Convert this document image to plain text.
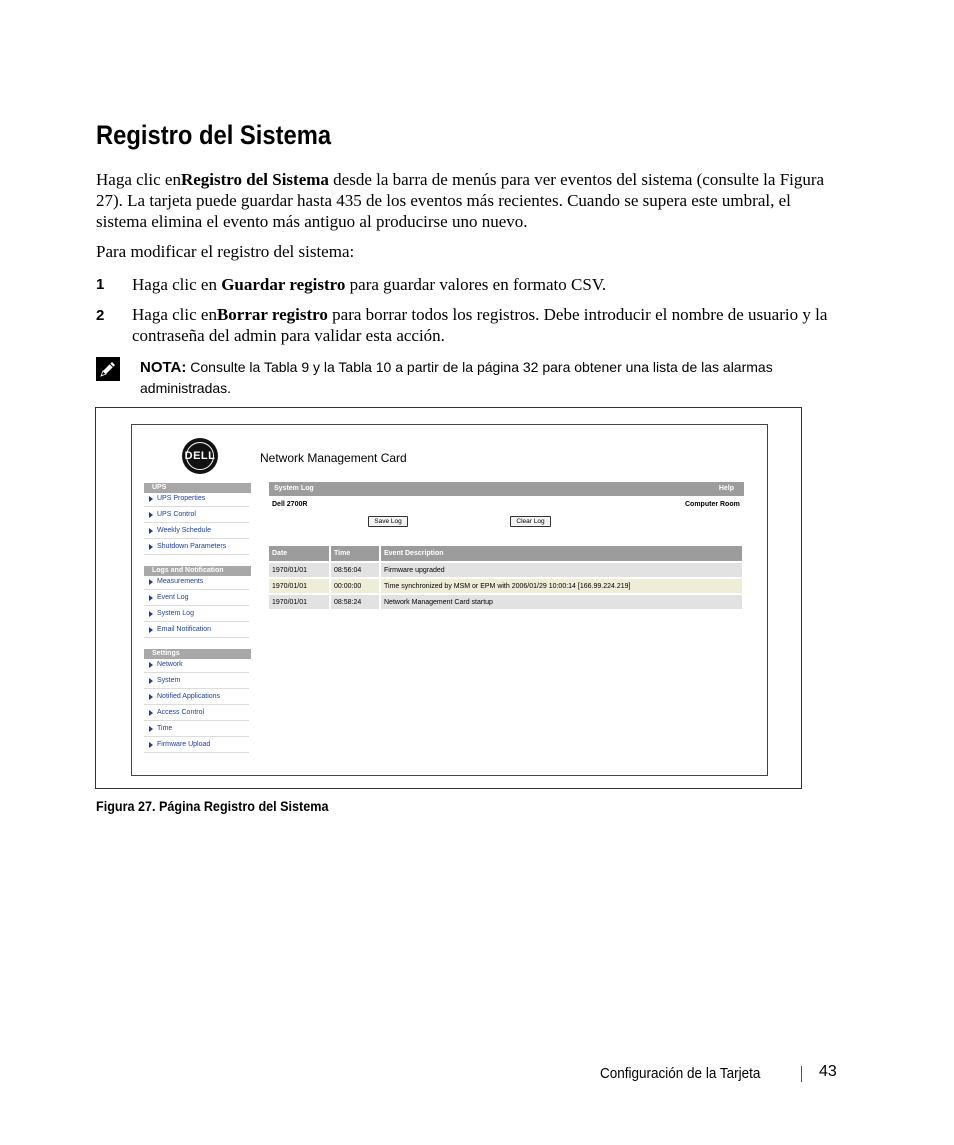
Registro del Sistema
Haga clic enRegistro del Sistema desde la barra de menús para ver eventos del sistema (consulte la Figura 27). La tarjeta puede guardar hasta 435 de los eventos más recientes. Cuando se supera este umbral, el sistema elimina el evento más antiguo al producirse uno nuevo.
Para modificar el registro del sistema:
1 Haga clic en Guardar registro para guardar valores en formato CSV.
2 Haga clic enBorrar registro para borrar todos los registros. Debe introducir el nombre de usuario y la contraseña del admin para validar esta acción.
NOTA: Consulte la Tabla 9 y la Tabla 10 a partir de la página 32 para obtener una lista de las alarmas administradas.
DELL	Network Management Card
UPS
UPS Properties
UPS Control
Weekly Schedule
Shutdown Parameters
Logs and Notification
Measurements
Event Log
System Log
Email Notification
Settings
Network
System
Notified Applications
Access Control
Time
Firmware Upload
System Log	Help
Dell 2700R	Computer Room
Save Log	Clear Log
Date	Time	Event Description
1970/01/01	08:56:04	Firmware upgraded
1970/01/01	00:00:00	Time synchronized by MSM or EPM with 2006/01/29 10:00:14 [166.99.224.219]
1970/01/01	08:58:24	Network Management Card startup
Figura 27. Página Registro del Sistema
Configuración de la Tarjeta	43
